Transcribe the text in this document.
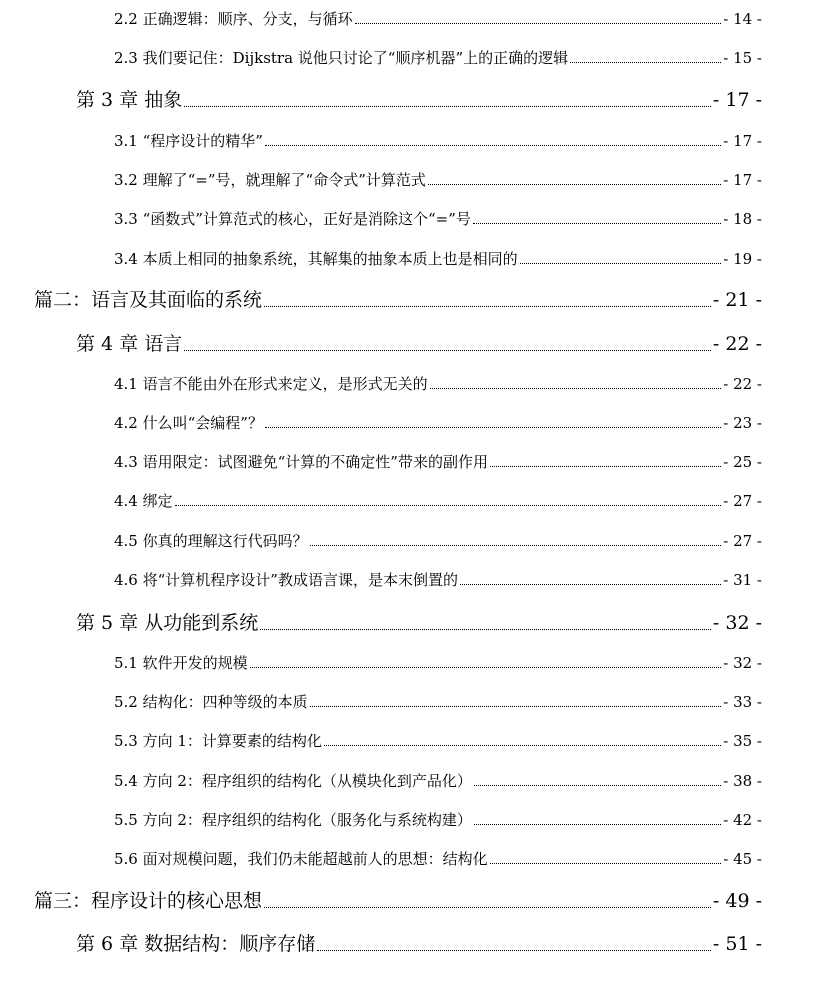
2.2 正确逻辑：顺序、分支，与循环	- 14 -
2.3 我们要记住：Dijkstra 说他只讨论了“顺序机器”上的正确的逻辑	- 15 -
第 3 章 抽象	- 17 -
3.1 “程序设计的精华”	- 17 -
3.2 理解了“=”号，就理解了“命令式”计算范式	- 17 -
3.3 “函数式”计算范式的核心，正好是消除这个“=”号	- 18 -
3.4 本质上相同的抽象系统，其解集的抽象本质上也是相同的	- 19 -
篇二：语言及其面临的系统	- 21 -
第 4 章 语言	- 22 -
4.1 语言不能由外在形式来定义，是形式无关的	- 22 -
4.2 什么叫“会编程”？	- 23 -
4.3 语用限定：试图避免“计算的不确定性”带来的副作用	- 25 -
4.4 绑定	- 27 -
4.5 你真的理解这行代码吗？	- 27 -
4.6 将“计算机程序设计”教成语言课，是本末倒置的	- 31 -
第 5 章 从功能到系统	- 32 -
5.1 软件开发的规模	- 32 -
5.2 结构化：四种等级的本质	- 33 -
5.3 方向 1：计算要素的结构化	- 35 -
5.4 方向 2：程序组织的结构化（从模块化到产品化）	- 38 -
5.5 方向 2：程序组织的结构化（服务化与系统构建）	- 42 -
5.6 面对规模问题，我们仍未能超越前人的思想：结构化	- 45 -
篇三：程序设计的核心思想	- 49 -
第 6 章 数据结构：顺序存储	- 51 -
